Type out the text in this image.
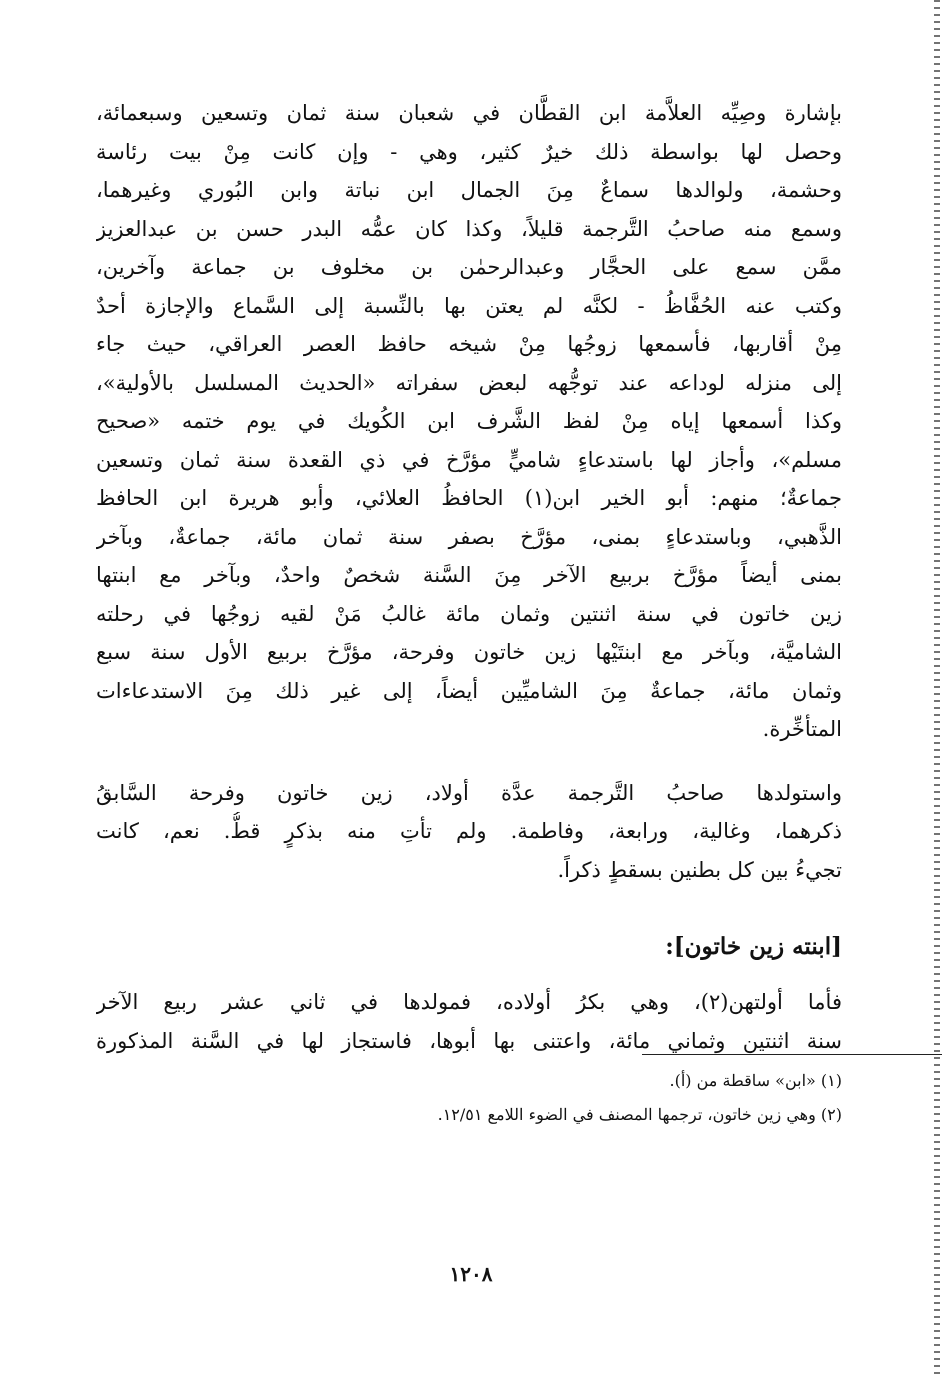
بإشارة وصِيِّه العلاَّمة ابن القطَّان في شعبان سنة ثمان وتسعين وسبعمائة،
وحصل لها بواسطة ذلك خيرٌ كثير، وهي - وإن كانت مِنْ بيت رئاسة
وحشمة، ولوالدها سماعٌ مِنَ الجمال ابن نباتة وابن البُوري وغيرهما،
وسمع منه صاحبُ التَّرجمة قليلاً، وكذا كان عمُّه البدر حسن بن عبدالعزيز
ممَّن سمع على الحجَّار وعبدالرحمٰن بن مخلوف بن جماعة وآخرين،
وكتب عنه الحُفَّاظُ - لكنَّه لم يعتن بها بالنِّسبة إلى السَّماع والإجازة أحدٌ
مِنْ أقاربها، فأسمعها زوجُها مِنْ شيخه حافظ العصر العراقي، حيث جاء
إلى منزله لوداعه عند توجُّهه لبعض سفراته «الحديث المسلسل بالأولية»،
وكذا أسمعها إياه مِنْ لفظ الشَّرف ابن الكُويك في يوم ختمه «صحيح
مسلم»، وأجاز لها باستدعاءٍ شاميٍّ مؤرَّخ في ذي القعدة سنة ثمان وتسعين
جماعةٌ؛ منهم: أبو الخير ابن(١) الحافظُ العلائي، وأبو هريرة ابن الحافظ
الذَّهبي، وباستدعاءٍ بمنى، مؤرَّخ بصفر سنة ثمان مائة، جماعةٌ، وبآخر
بمنى أيضاً مؤرَّخ بربيع الآخر مِنَ السَّنة شخصٌ واحدٌ، وبآخر مع ابنتها
زين خاتون في سنة اثنتين وثمان مائة غالبُ مَنْ لقيه زوجُها في رحلته
الشاميَّة، وبآخر مع ابنتَيْها زين خاتون وفرحة، مؤرَّخ بربيع الأول سنة سبع
وثمان مائة، جماعةٌ مِنَ الشاميِّين أيضاً، إلى غير ذلك مِنَ الاستدعاءات
المتأخِّرة.

واستولدها صاحبُ التَّرجمة عدَّة أولاد، زين خاتون وفرحة السَّابقُ
ذكرهما، وغالية، ورابعة، وفاطمة. ولم تأتِ منه بذكرٍ قطُّ. نعم، كانت
تجيءُ بين كل بطنين بسقطٍ ذكراً.

[ابنته زين خاتون]:

فأما أولتهن(٢)، وهي بكرُ أولاده، فمولدها في ثاني عشر ربيع الآخر
سنة اثنتين وثماني مائة، واعتنى بها أبوها، فاستجاز لها في السَّنة المذكورة

(١) «ابن» ساقطة من (أ).
(٢) وهي زين خاتون، ترجمها المصنف في الضوء اللامع ١٢/٥١.
١٢٠٨
